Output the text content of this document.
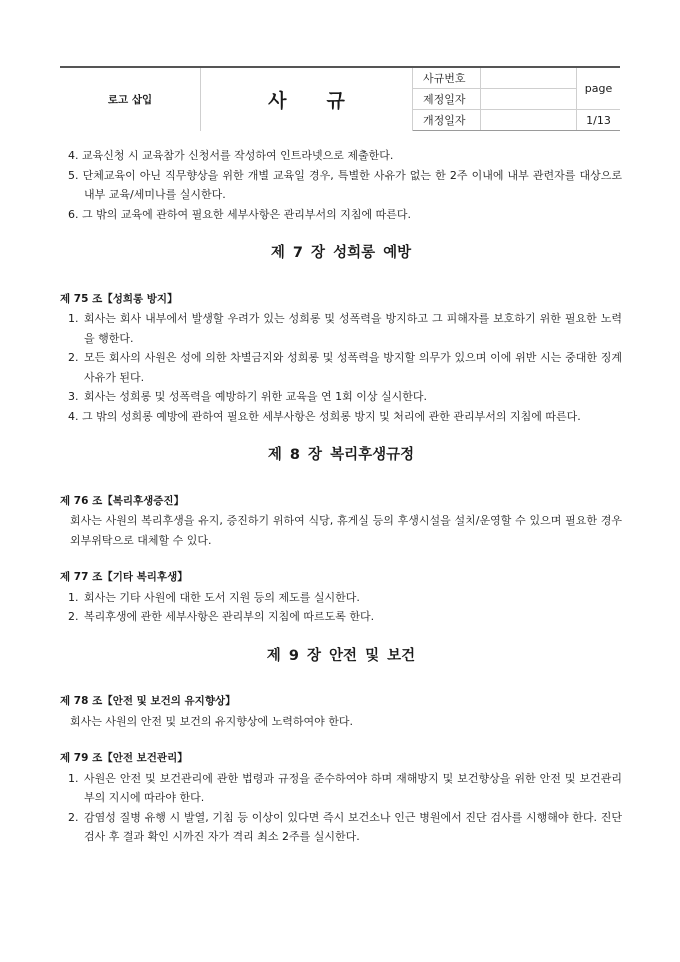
로고 삽입	사 규	사규번호		page
		제정일자		
		개정일자		1/13
4. 교육신청 시 교육참가 신청서를 작성하여 인트라넷으로 제출한다.
5. 단체교육이 아닌 직무향상을 위한 개별 교육일 경우, 특별한 사유가 없는 한 2주 이내에 내부 관련자를 대상으로 내부 교육/세미나를 실시한다.
6. 그 밖의 교육에 관하여 필요한 세부사항은 관리부서의 지침에 따른다.
제 7 장 성희롱 예방
제 75 조【성희롱 방지】
1. 회사는 회사 내부에서 발생할 우려가 있는 성희롱 및 성폭력을 방지하고 그 피해자를 보호하기 위한 필요한 노력을 행한다.
2. 모든 회사의 사원은 성에 의한 차별금지와 성희롱 및 성폭력을 방지할 의무가 있으며 이에 위반 시는 중대한 징계사유가 된다.
3. 회사는 성희롱 및 성폭력을 예방하기 위한 교육을 연 1회 이상 실시한다.
4. 그 밖의 성희롱 예방에 관하여 필요한 세부사항은 성희롱 방지 및 처리에 관한 관리부서의 지침에 따른다.
제 8 장 복리후생규정
제 76 조【복리후생증진】
회사는 사원의 복리후생을 유지, 증진하기 위하여 식당, 휴게실 등의 후생시설을 설치/운영할 수 있으며 필요한 경우 외부위탁으로 대체할 수 있다.
제 77 조【기타 복리후생】
1. 회사는 기타 사원에 대한 도서 지원 등의 제도를 실시한다.
2. 복리후생에 관한 세부사항은 관리부의 지침에 따르도록 한다.
제 9 장 안전 및 보건
제 78 조【안전 및 보건의 유지향상】
회사는 사원의 안전 및 보건의 유지향상에 노력하여야 한다.
제 79 조【안전 보건관리】
1. 사원은 안전 및 보건관리에 관한 법령과 규정을 준수하여야 하며 재해방지 및 보건향상을 위한 안전 및 보건관리부의 지시에 따라야 한다.
2. 감염성 질병 유행 시 발열, 기침 등 이상이 있다면 즉시 보건소나 인근 병원에서 진단 검사를 시행해야 한다. 진단 검사 후 결과 확인 시까진 자가 격리 최소 2주를 실시한다.
